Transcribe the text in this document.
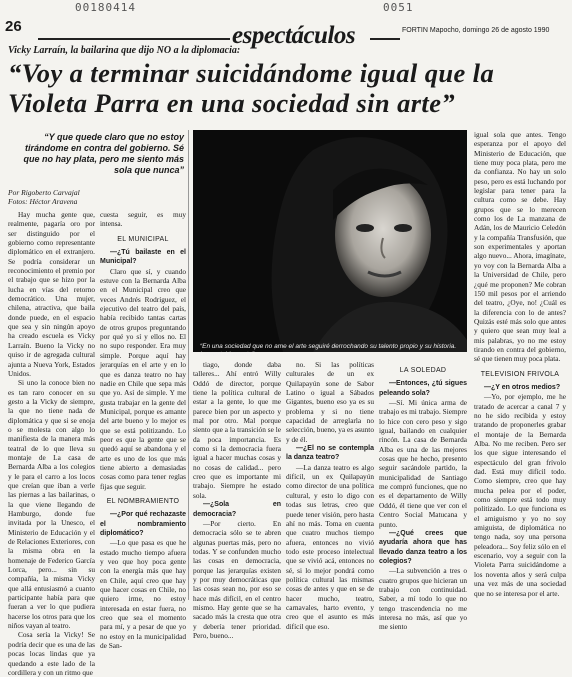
00180414	0051
26	espectáculos	FORTIN Mapocho, domingo 26 de agosto 1990
Vicky Larraín, la bailarina que dijo NO a la diplomacia:
“Voy a terminar suicidándome igual que la Violeta Parra en una sociedad sin arte”
“Y que quede claro que no estoy tirándome en contra del gobierno. Sé que no hay plata, pero me siento más sola que nunca”
Por Rigoberto Carvajal
Fotos: Héctor Aravena

Hay mucha gente que, realmente, pagaría oro por ser distinguido por el gobierno como representante diplomático en el extranjero. Se podría considerar un reconocimiento el premio por el trabajo que se hizo por la lucha en vías del retorno democrático. Una mujer, chilena, atractiva, que baila donde puede, en el espacio que sea y sin ningún apoyo ha creado escuela es Vicky Larraín. Bueno la Vicky no quiso ir de agregada cultural ajunta a Nueva York, Estados Unidos.

Si uno la conoce bien no es tan raro conocer en su gesto a la Vicky de siempre, la que no tiene nada de diplomática y que si se enoja o se molesta con algo lo manifiesta de la manera más teatral de lo que lleva su montaje de La casa de Bernarda Alba a los colegios y le para el carro a los locos que creían que iban a verle las piernas a las bailarinas, o la que viene llegando de Hamburgo, donde fue invitada por la Unesco, el Ministerio de Educación y el de Relaciones Exteriores, con la misma obra en la homenaje de Federico García Lorca, pero... sin su compañía, la misma Vicky que allá entusiasmó a cuanto participante había para que fueran a ver lo que pudiera hacerse los otros para que los niños vayan al teatro.

Cosa sería la Vicky! Se podría decir que es una de las pocas locas lindas que ya quedando a este lado de la cordillera y con un ritmo que

cuesta seguir, es muy intensa.

EL MUNICIPAL

—¿Tú bailaste en el Municipal?

Claro que sí, y cuando estuve con la Bernarda Alba en el Municipal creo que veces Andrés Rodríguez, el ejecutivo del teatro del país, había recibido tantas cartas de otros grupos preguntando por qué yo sí y ellos no. El no supo responder. Era muy simple. Porque aquí hay jerarquías en el arte y en lo que es danza teatro no hay nadie en Chile que sepa más que yo. Así de simple. Y me gusta trabajar en la gente del Municipal, porque es amante del arte bueno y lo mejor es que se está politizando. Lo peor es que la gente que se quedó aquí se abandona y el arte es uno de los que más tiene abierto a demasiadas cosas como para tener reglas fijas que seguir.

EL NOMBRAMIENTO

—¿Por qué rechazaste el nombramiento diplomático?

—Lo que pasa es que he estado mucho tiempo afuera y veo que hoy poca gente con la energía más que hay en Chile, aquí creo que hay que hacer cosas en Chile, no quiero irme, no estoy interesada en estar fuera, no creo que sea el momento para mí, y a pesar de que yo no estoy en la municipalidad de San-

“En una sociedad que no ame el arte seguiré derrochando su talento propio y su historia. Lamentablemente”

tiago, donde daba talleres... Ahí entró Willy Oddó de director, porque tiene la política cultural de estar a la gente, lo que me parece bien por un aspecto y mal por otro. Mal porque siento que a la transición se le da poca importancia. Es como si la democracia fuera igual a hacer muchas cosas y no cosas de calidad... pero creo que es importante mi trabajo. Siempre he estado sola.

—¿Sola en democracia?

—Por cierto. En democracia sólo se te abren algunas puertas más, pero no todas. Y se confunden mucho las cosas en democracia, porque las jerarquías existen y por muy democráticas que las cosas sean no, por eso se hace más difícil, en el centro mismo. Hay gente que se ha sacado más la cresta que otra y debería tener prioridad. Pero, bueno...

no. Si las políticas culturales de un ex Quilapayún sone de Sabor Latino o igual a Sábados Gigantes, bueno eso ya es su problema y si no tiene capacidad de arreglarla no selección, bueno, ya es asunto y de él.

—¿El no se contempla la danza teatro?

—La danza teatro es algo difícil, un ex Quilapayún como director de una política cultural, y esto lo digo con todas sus letras, creo que puede tener visión, pero hasta ahí no más. Toma en cuenta que cuatro muchos tiempo afuera, entonces no vivió todo este proceso intelectual que se vivió acá, entonces no sé, si lo mejor pondrá como política cultural las mismas cosas de antes y que en se de hacer mucho, teatro, carnavales, harto evento, y creo que el asunto es más difícil que eso.

LA SOLEDAD

—Entonces, ¿tú sigues peleando sola?

—Sí. Mi única arma de trabajo es mi trabajo. Siempre lo hice con cero peso y sigo igual, bailando en cualquier rincón. La casa de Bernarda Alba es una de las mejores cosas que he hecho, presento seguir sacándole partido, la municipalidad de Santiago me compró funciones, que no es el departamento de Willy Oddó, él tiene que ver con el Centro Social Matucana y punto.

—¿Qué crees que ayudaría ahora que has llevado danza teatro a los colegios?

—La subvención a tres o cuatro grupos que hicieran un trabajo con continuidad. Saber, a mí todo lo que no tengo trascendencia no me interesa no más, así que yo me siento

igual sola que antes. Tengo esperanza por el apoyo del Ministerio de Educación, que tiene muy poca plata, pero me da confianza. No hay un solo peso, pero es está luchando por legislar para tener para la cultura como se debe. Hay grupos que se lo merecen como los de La manzana de Adán, los de Mauricio Celedón y la compañía Transfusión, que son experimentales y aportan algo nuevo... Ahora, imagínate, yo voy con la Bernarda Alba a la Universidad de Chile, pero ¿qué me proponen? Me cobran 150 mil pesos por el arriendo del teatro, ¿Oye, no! ¿Cuál es la diferencia con lo de antes? Quizás esté más solo que antes y quiero que sean muy leal a mis palabras, yo no me estoy tirando en contra del gobierno, sé que tienen muy poca plata.

TELEVISION FRIVOLA

—¿Y en otros medios?

—Yo, por ejemplo, me he tratado de acercar a canal 7 y no he sido recibida y estoy tratando de proponerles grabar el montaje de la Bernarda Alba. No me reciben. Pero ser los que sigue interesando el espectáculo del gran frívolo dad. Está muy difícil todo. Como siempre, creo que hay mucha pelea por el poder, como siempre está todo muy politizado. Lo que funciona es el amiguismo y yo no soy amiguista, de diplomática no tengo nada, soy una persona peleadora... Soy feliz sólo en el escenario, voy a seguir con la Violeta Parra suicidándome a los noventa años y será culpa una vez más de una sociedad que no se interesa por el arte.
